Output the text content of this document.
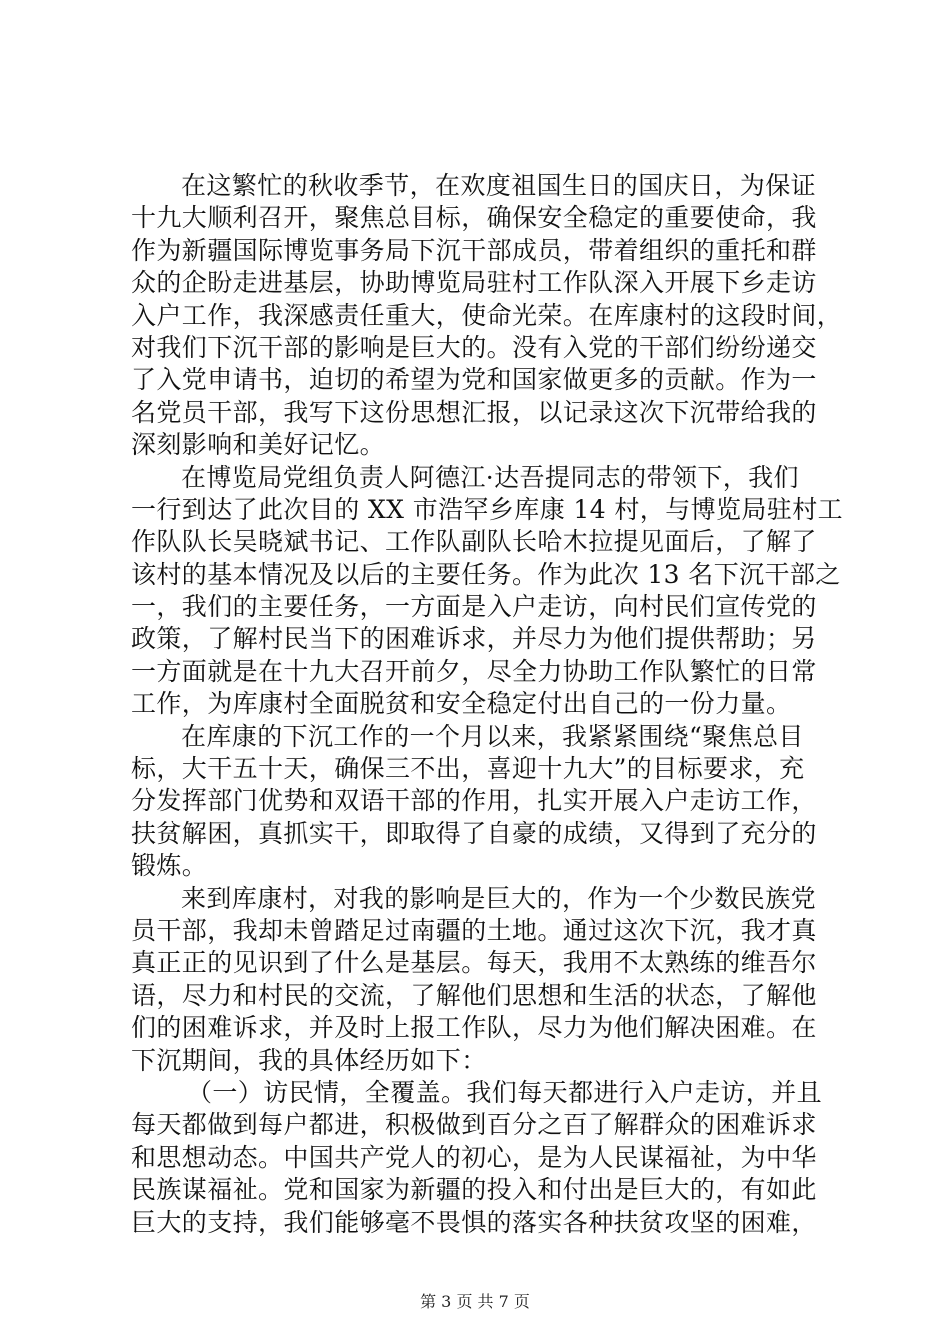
在这繁忙的秋收季节，在欢度祖国生日的国庆日，为保证
十九大顺利召开，聚焦总目标，确保安全稳定的重要使命，我
作为新疆国际博览事务局下沉干部成员，带着组织的重托和群
众的企盼走进基层，协助博览局驻村工作队深入开展下乡走访
入户工作，我深感责任重大，使命光荣。在库康村的这段时间，
对我们下沉干部的影响是巨大的。没有入党的干部们纷纷递交
了入党申请书，迫切的希望为党和国家做更多的贡献。作为一
名党员干部，我写下这份思想汇报，以记录这次下沉带给我的
深刻影响和美好记忆。
在博览局党组负责人阿德江·达吾提同志的带领下，我们
一行到达了此次目的 XX 市浩罕乡库康 14 村，与博览局驻村工
作队队长吴晓斌书记、工作队副队长哈木拉提见面后，了解了
该村的基本情况及以后的主要任务。作为此次 13 名下沉干部之
一，我们的主要任务，一方面是入户走访，向村民们宣传党的
政策，了解村民当下的困难诉求，并尽力为他们提供帮助；另
一方面就是在十九大召开前夕，尽全力协助工作队繁忙的日常
工作，为库康村全面脱贫和安全稳定付出自己的一份力量。
在库康的下沉工作的一个月以来，我紧紧围绕“聚焦总目
标，大干五十天，确保三不出，喜迎十九大”的目标要求，充
分发挥部门优势和双语干部的作用，扎实开展入户走访工作，
扶贫解困，真抓实干，即取得了自豪的成绩，又得到了充分的
锻炼。
来到库康村，对我的影响是巨大的，作为一个少数民族党
员干部，我却未曾踏足过南疆的土地。通过这次下沉，我才真
真正正的见识到了什么是基层。每天，我用不太熟练的维吾尔
语，尽力和村民的交流，了解他们思想和生活的状态，了解他
们的困难诉求，并及时上报工作队，尽力为他们解决困难。在
下沉期间，我的具体经历如下：
（一）访民情，全覆盖。我们每天都进行入户走访，并且
每天都做到每户都进，积极做到百分之百了解群众的困难诉求
和思想动态。中国共产党人的初心，是为人民谋福祉，为中华
民族谋福祉。党和国家为新疆的投入和付出是巨大的，有如此
巨大的支持，我们能够毫不畏惧的落实各种扶贫攻坚的困难，
第 3 页 共 7 页
